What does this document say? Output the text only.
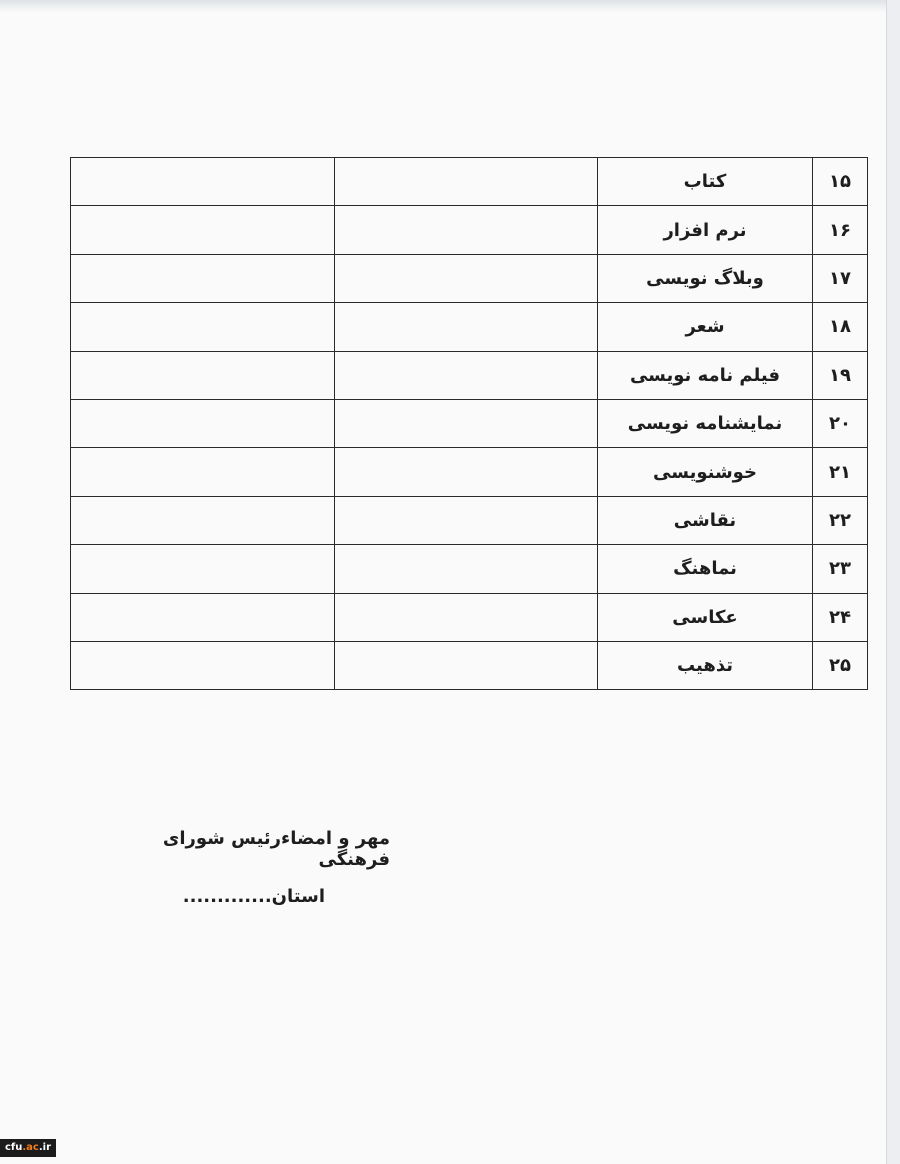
۱۵	کتاب		
۱۶	نرم افزار		
۱۷	وبلاگ نویسی		
۱۸	شعر		
۱۹	فیلم نامه نویسی		
۲۰	نمایشنامه نویسی		
۲۱	خوشنویسی		
۲۲	نقاشی		
۲۳	نماهنگ		
۲۴	عکاسی		
۲۵	تذهیب		
مهر و امضاءرئیس شورای فرهنگی
استان.............
cfu.ac.ir
